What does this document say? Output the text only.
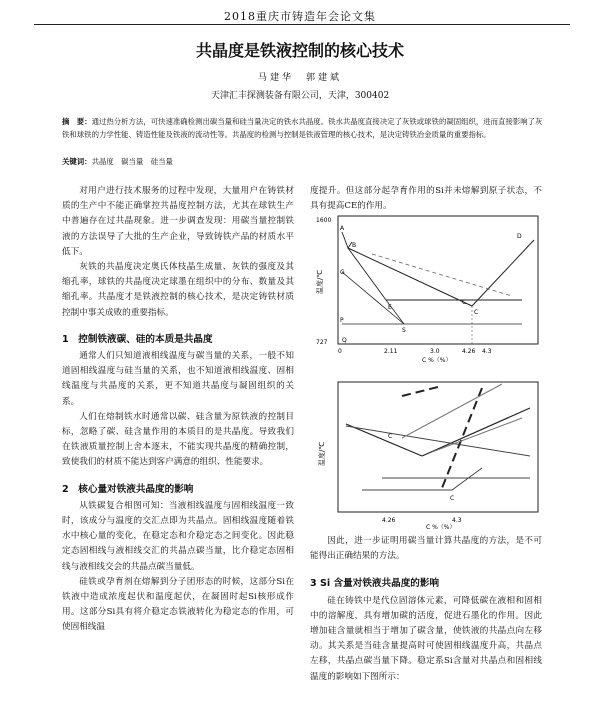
2018重庆市铸造年会论文集
共晶度是铁液控制的核心技术
马建华　郭建斌
天津汇丰探测装备有限公司，天津，300402
摘　要：通过热分析方法，可快速准确检测出碳当量和硅当量决定的铁水共晶度。铁水共晶度直接决定了灰铁或球铁的凝固组织，进而直接影响了灰铁和球铁的力学性能、铸造性能及铁液的流动性等。共晶度的检测与控制是铁液管理的核心技术，是决定铸铁冶金质量的重要指标。
关键词：共晶度　碳当量　硅当量

对用户进行技术服务的过程中发现，大量用户在铸铁材质的生产中不能正确掌控共晶度控制方法，尤其在球铁生产中普遍存在过共晶现象。进一步调查发现：用碳当量控制铁液的方法误导了大批的生产企业，导致铸铁产品的材质水平低下。

灰铁的共晶度决定奥氏体枝晶生成量、灰铁的强度及其缩孔率，球铁的共晶度决定球墨在组织中的分布、数量及其缩孔率。共晶度才是铁液控制的核心技术，是决定铸铁材质控制中事关成败的重要指标。

1　控制铁液碳、硅的本质是共晶度

通常人们只知道液相线温度与碳当量的关系，一般不知道固相线温度与硅当量的关系，也不知道液相线温度、固相线温度与共晶度的关系，更不知道共晶度与凝固组织的关系。

人们在熔制铁水时通常以碳、硅含量为原铁液的控制目标，忽略了碳、硅含量作用的本质目的是共晶度。导致我们在铁液质量控制上舍本逐末，不能实现共晶度的精确控制，致使我们的材质不能达到客户满意的组织、性能要求。

2　核心量对铁液共晶度的影响

从铁碳复合相图可知：当液相线温度与固相线温度一致时，该成分与温度的交汇点即为共晶点。固相线温度随着铁水中核心量的变化，在稳定态和介稳定态之间变化。因此稳定态固相线与液相线交汇的共晶点碳当量，比介稳定态固相线与液相线交会的共晶点碳当量低。

硅铁或孕育剂在熔解到分子团形态的时候，这部分Si在铁液中造成浓度起伏和温度起伏，在凝固时起Si核形成作用。这部分Si具有将介稳定态铁液转化为稳定态的作用，可使固相线温

度提升。但这部分起孕育作用的Si并未熔解到原子状态，不具有提高CE的作用。
1600
727
温度/℃
A
B
D
E
C
C
G
P
S
Q
0	2.11	3.0	4.26 4.3
C %（%）
温度/℃
C
C
4.26	4.3
C %（%）

因此，进一步证明用碳当量计算共晶度的方法，是不可能得出正确结果的方法。

3 Si 含量对铁液共晶度的影响

硅在铸铁中是代位固溶体元素，可降低碳在液相和固相中的溶解度，具有增加碳的活度，促进石墨化的作用。因此增加硅含量就相当于增加了碳含量，使铁液的共晶点向左移动。其关系是当硅含量提高时可使固相线温度升高，共晶点左移，共晶点碳当量下降。稳定系Si含量对共晶点和固相线温度的影响如下图所示：
